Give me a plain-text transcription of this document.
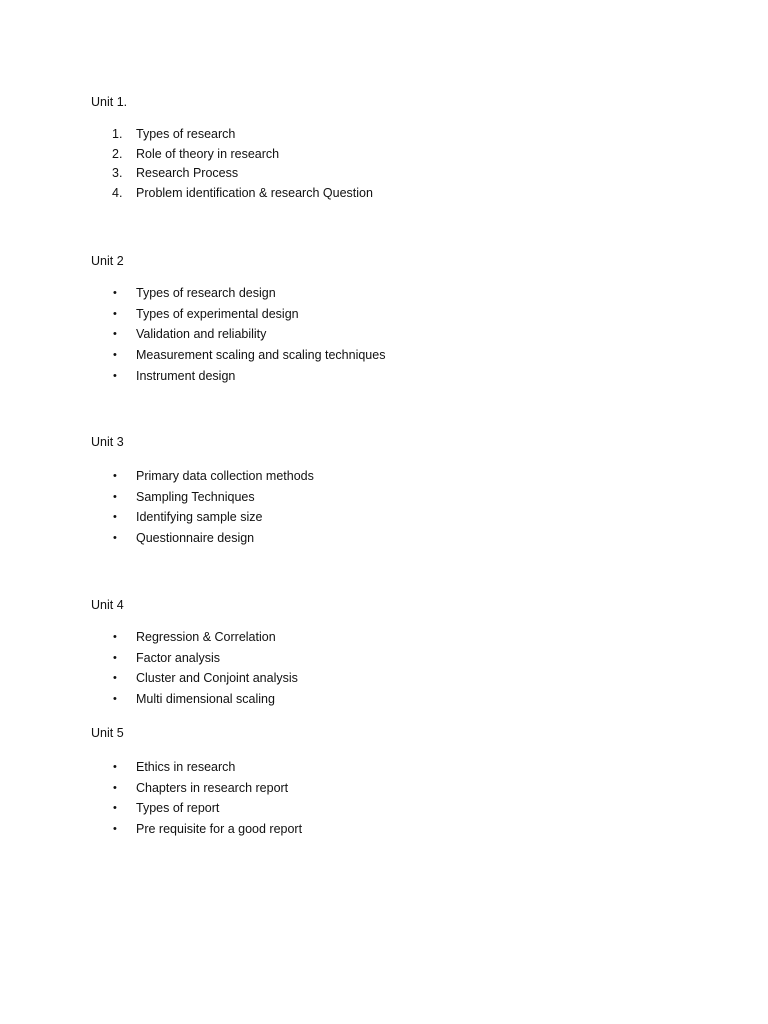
Unit 1.
1.	Types of research
2.	Role of theory in research
3.	Research Process
4.	Problem identification & research Question
Unit 2
• Types of research design
• Types of experimental design
• Validation and reliability
• Measurement scaling and scaling techniques
• Instrument design
Unit 3
• Primary data collection methods
• Sampling Techniques
• Identifying sample size
• Questionnaire design
Unit 4
• Regression & Correlation
• Factor analysis
• Cluster and Conjoint analysis
• Multi dimensional scaling
Unit 5
• Ethics in research
• Chapters in research report
• Types of report
• Pre requisite for a good report
